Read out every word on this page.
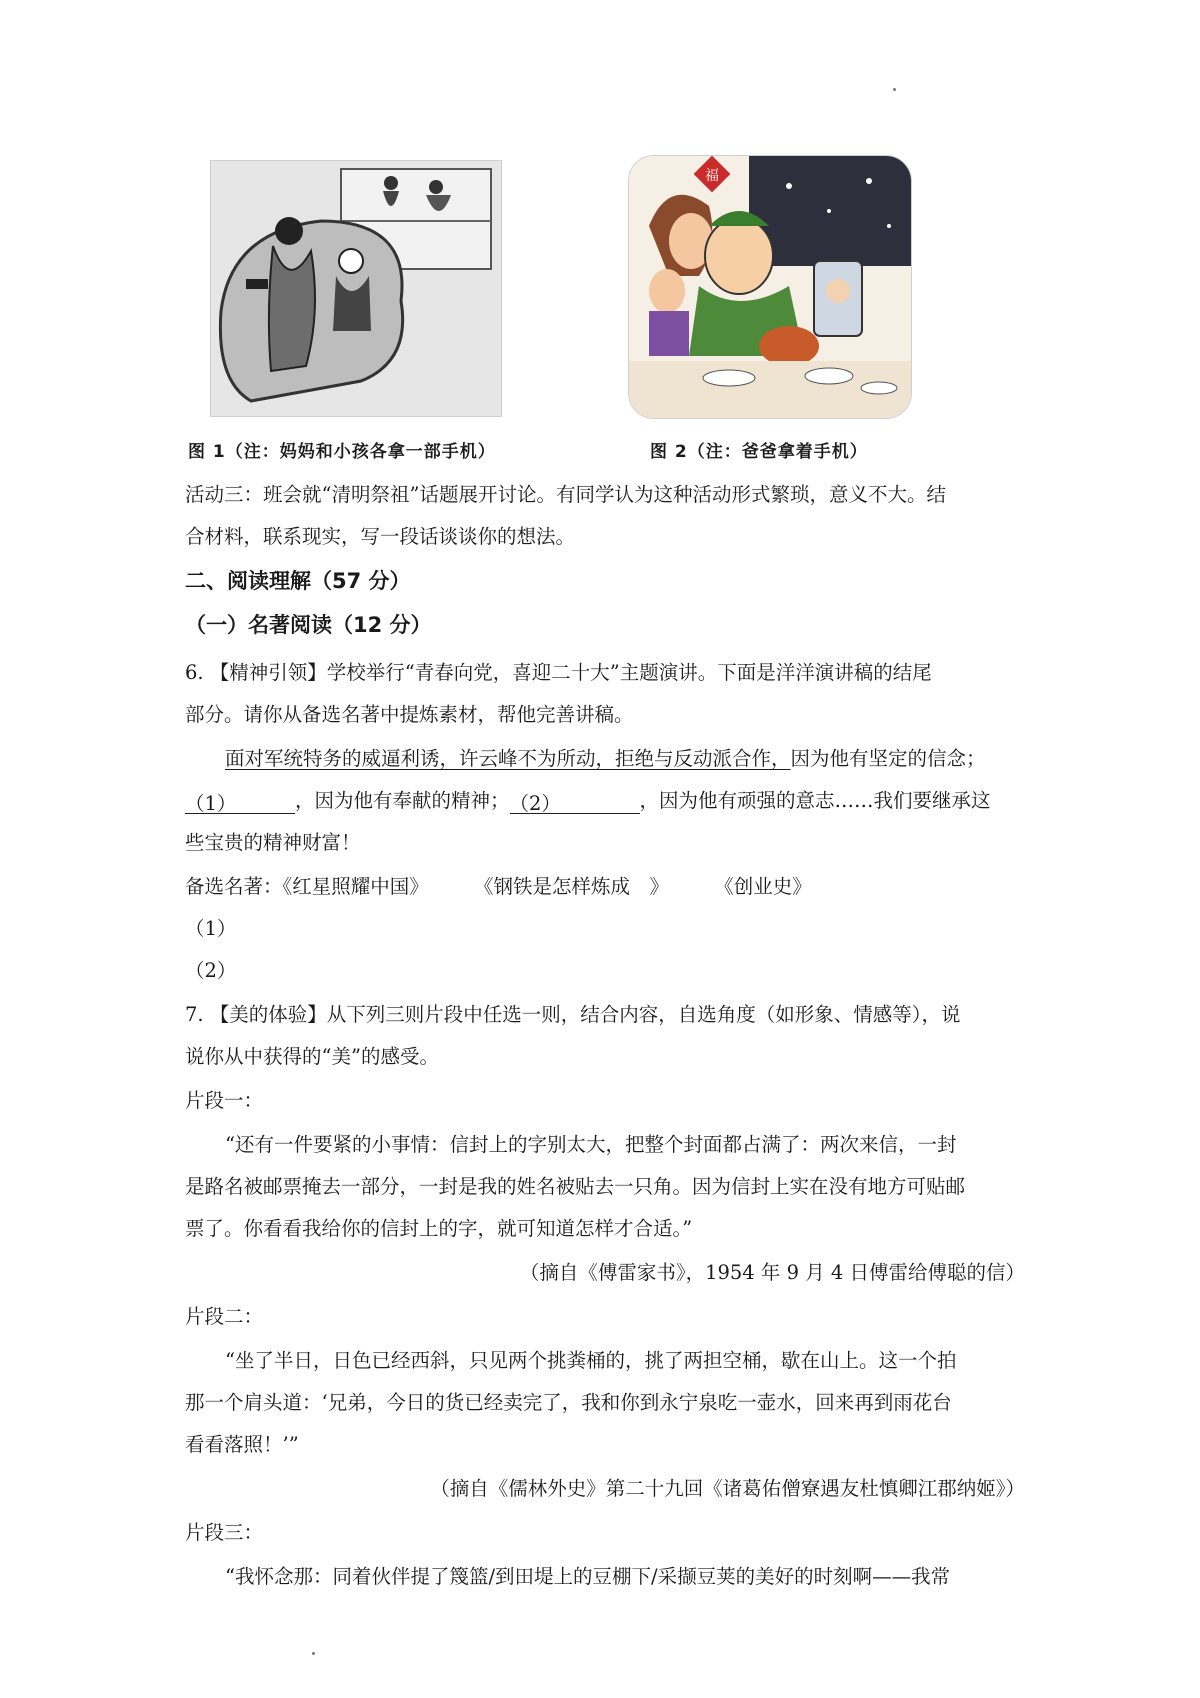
福
图 1（注：妈妈和小孩各拿一部手机）	图 2（注：爸爸拿着手机）
活动三：班会就“清明祭祖”话题展开讨论。有同学认为这种活动形式繁琐，意义不大。结
合材料，联系现实，写一段话谈谈你的想法。
二、阅读理解（57 分）
（一）名著阅读（12 分）
6. 【精神引领】学校举行“青春向党，喜迎二十大”主题演讲。下面是洋洋演讲稿的结尾
部分。请你从备选名著中提炼素材，帮他完善讲稿。
面对军统特务的威逼利诱，许云峰不为所动，拒绝与反动派合作，因为他有坚定的信念；
（1）	，因为他有奉献的精神；（2）	，因为他有顽强的意志……我们要继承这
些宝贵的精神财富！
备选名著：《红星照耀中国》	《钢铁是怎样炼成　》	《创业史》
（1）
（2）
7. 【美的体验】从下列三则片段中任选一则，结合内容，自选角度（如形象、情感等），说
说你从中获得的“美”的感受。
片段一：
“还有一件要紧的小事情：信封上的字别太大，把整个封面都占满了：两次来信，一封
是路名被邮票掩去一部分，一封是我的姓名被贴去一只角。因为信封上实在没有地方可贴邮
票了。你看看我给你的信封上的字，就可知道怎样才合适。”
（摘自《傅雷家书》，1954 年 9 月 4 日傅雷给傅聪的信）
片段二：
“坐了半日，日色已经西斜，只见两个挑粪桶的，挑了两担空桶，歇在山上。这一个拍
那一个肩头道：‘兄弟，今日的货已经卖完了，我和你到永宁泉吃一壶水，回来再到雨花台
看看落照！’”
（摘自《儒林外史》第二十九回《诸葛佑僧寮遇友杜慎卿江郡纳姬》）
片段三：
“我怀念那：同着伙伴提了篾篮/到田堤上的豆棚下/采撷豆荚的美好的时刻啊——我常
